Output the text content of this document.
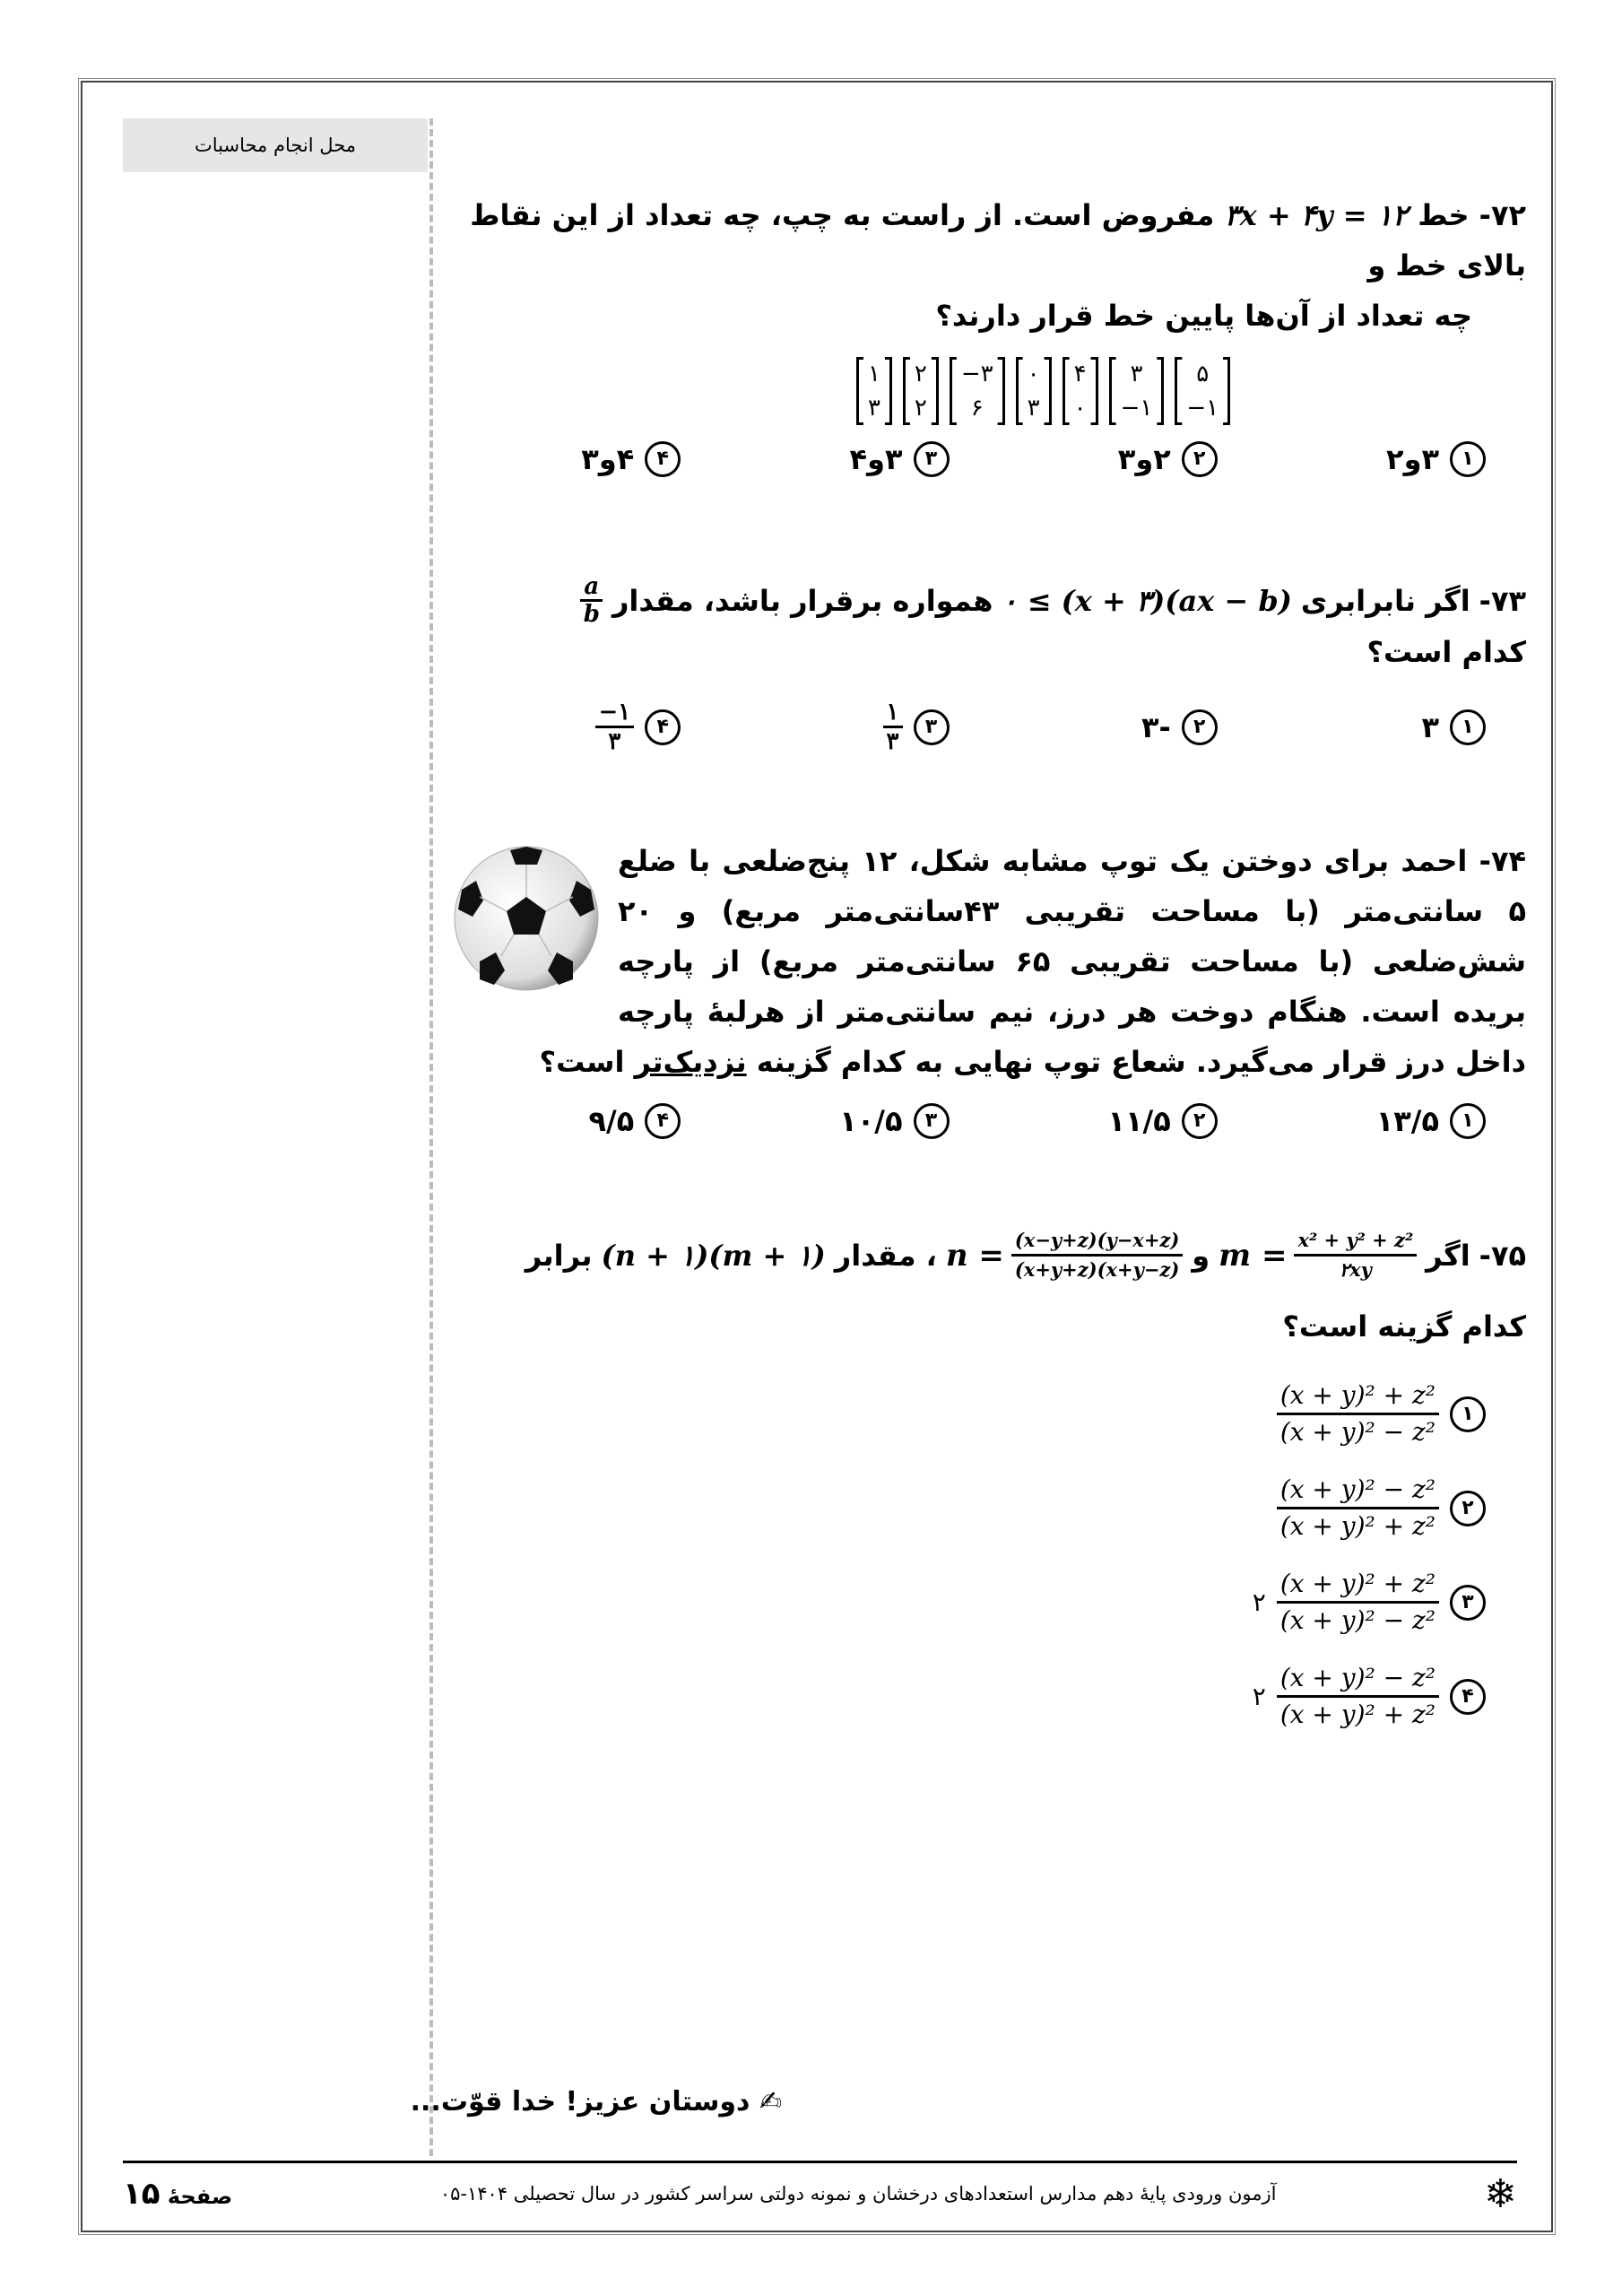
محل انجام محاسبات

۷۲- خط ۳x + ۴y = ۱۲ مفروض است. از راست به چپ، چه تعداد از این نقاط بالای خط و

چه تعداد از آن‌ها پایین خط قرار دارند؟

۱
۳
۲
۲
−۳
۶
۰
۳
۴
۰
۳
−۱
۵
−۱
۱
۳و۲
۲
۲و۳
۳
۳و۴
۴
۴و۳
۷۳-
اگر نابرابری
۰ ≤ (x + ۳)(ax − b)
همواره برقرار باشد، مقدار
$\frac{a}{b}$
کدام است؟
۱
۳
۲
-۳
۳
$\frac{۱}{۳}$
۴
$\frac{-۱}{۳}$

۷۴- احمد برای دوختن یک توپ مشابه شکل، ۱۲ پنج‌ضلعی با ضلع ۵ سانتی‌متر (با مساحت تقریبی ۴۳سانتی‌متر مربع) و ۲۰ شش‌ضلعی (با مساحت تقریبی ۶۵ سانتی‌متر مربع) از پارچه بریده است. هنگام دوخت هر درز، نیم سانتی‌متر از هرلبهٔ پارچه داخل درز قرار می‌گیرد. شعاع توپ نهایی به کدام گزینه نزدیک‌تر است؟

۱
۱۳/۵
۲
۱۱/۵
۳
۱۰/۵
۴
۹/۵
۷۵-
اگر
$m = \frac{\text{x² + y² + z²}}{۲xy}$
و
$n = \frac{(x-y+z)(y-x+z)}{(x+y+z)(x+y-z)}$
، مقدار
(n + ۱)(m + ۱)
برابر

کدام گزینه است؟

۱
$\frac{\text{(x + y)² + z²}}{\text{(x + y)² − z²}}$
۲
$\frac{\text{(x + y)² − z²}}{\text{(x + y)² + z²}}$
۳
$\frac{\text{(x + y)² + z²}}{\text{(x + y)² − z²}}$
۲
۴
$\frac{\text{(x + y)² − z²}}{\text{(x + y)² + z²}}$
۲
✍ دوستان عزیز! خدا قوّت...
❄
آزمون ورودی پایهٔ دهم مدارس استعدادهای درخشان و نمونه دولتی سراسر کشور در سال تحصیلی ۱۴۰۴-۰۵
صفحهٔ ۱۵
